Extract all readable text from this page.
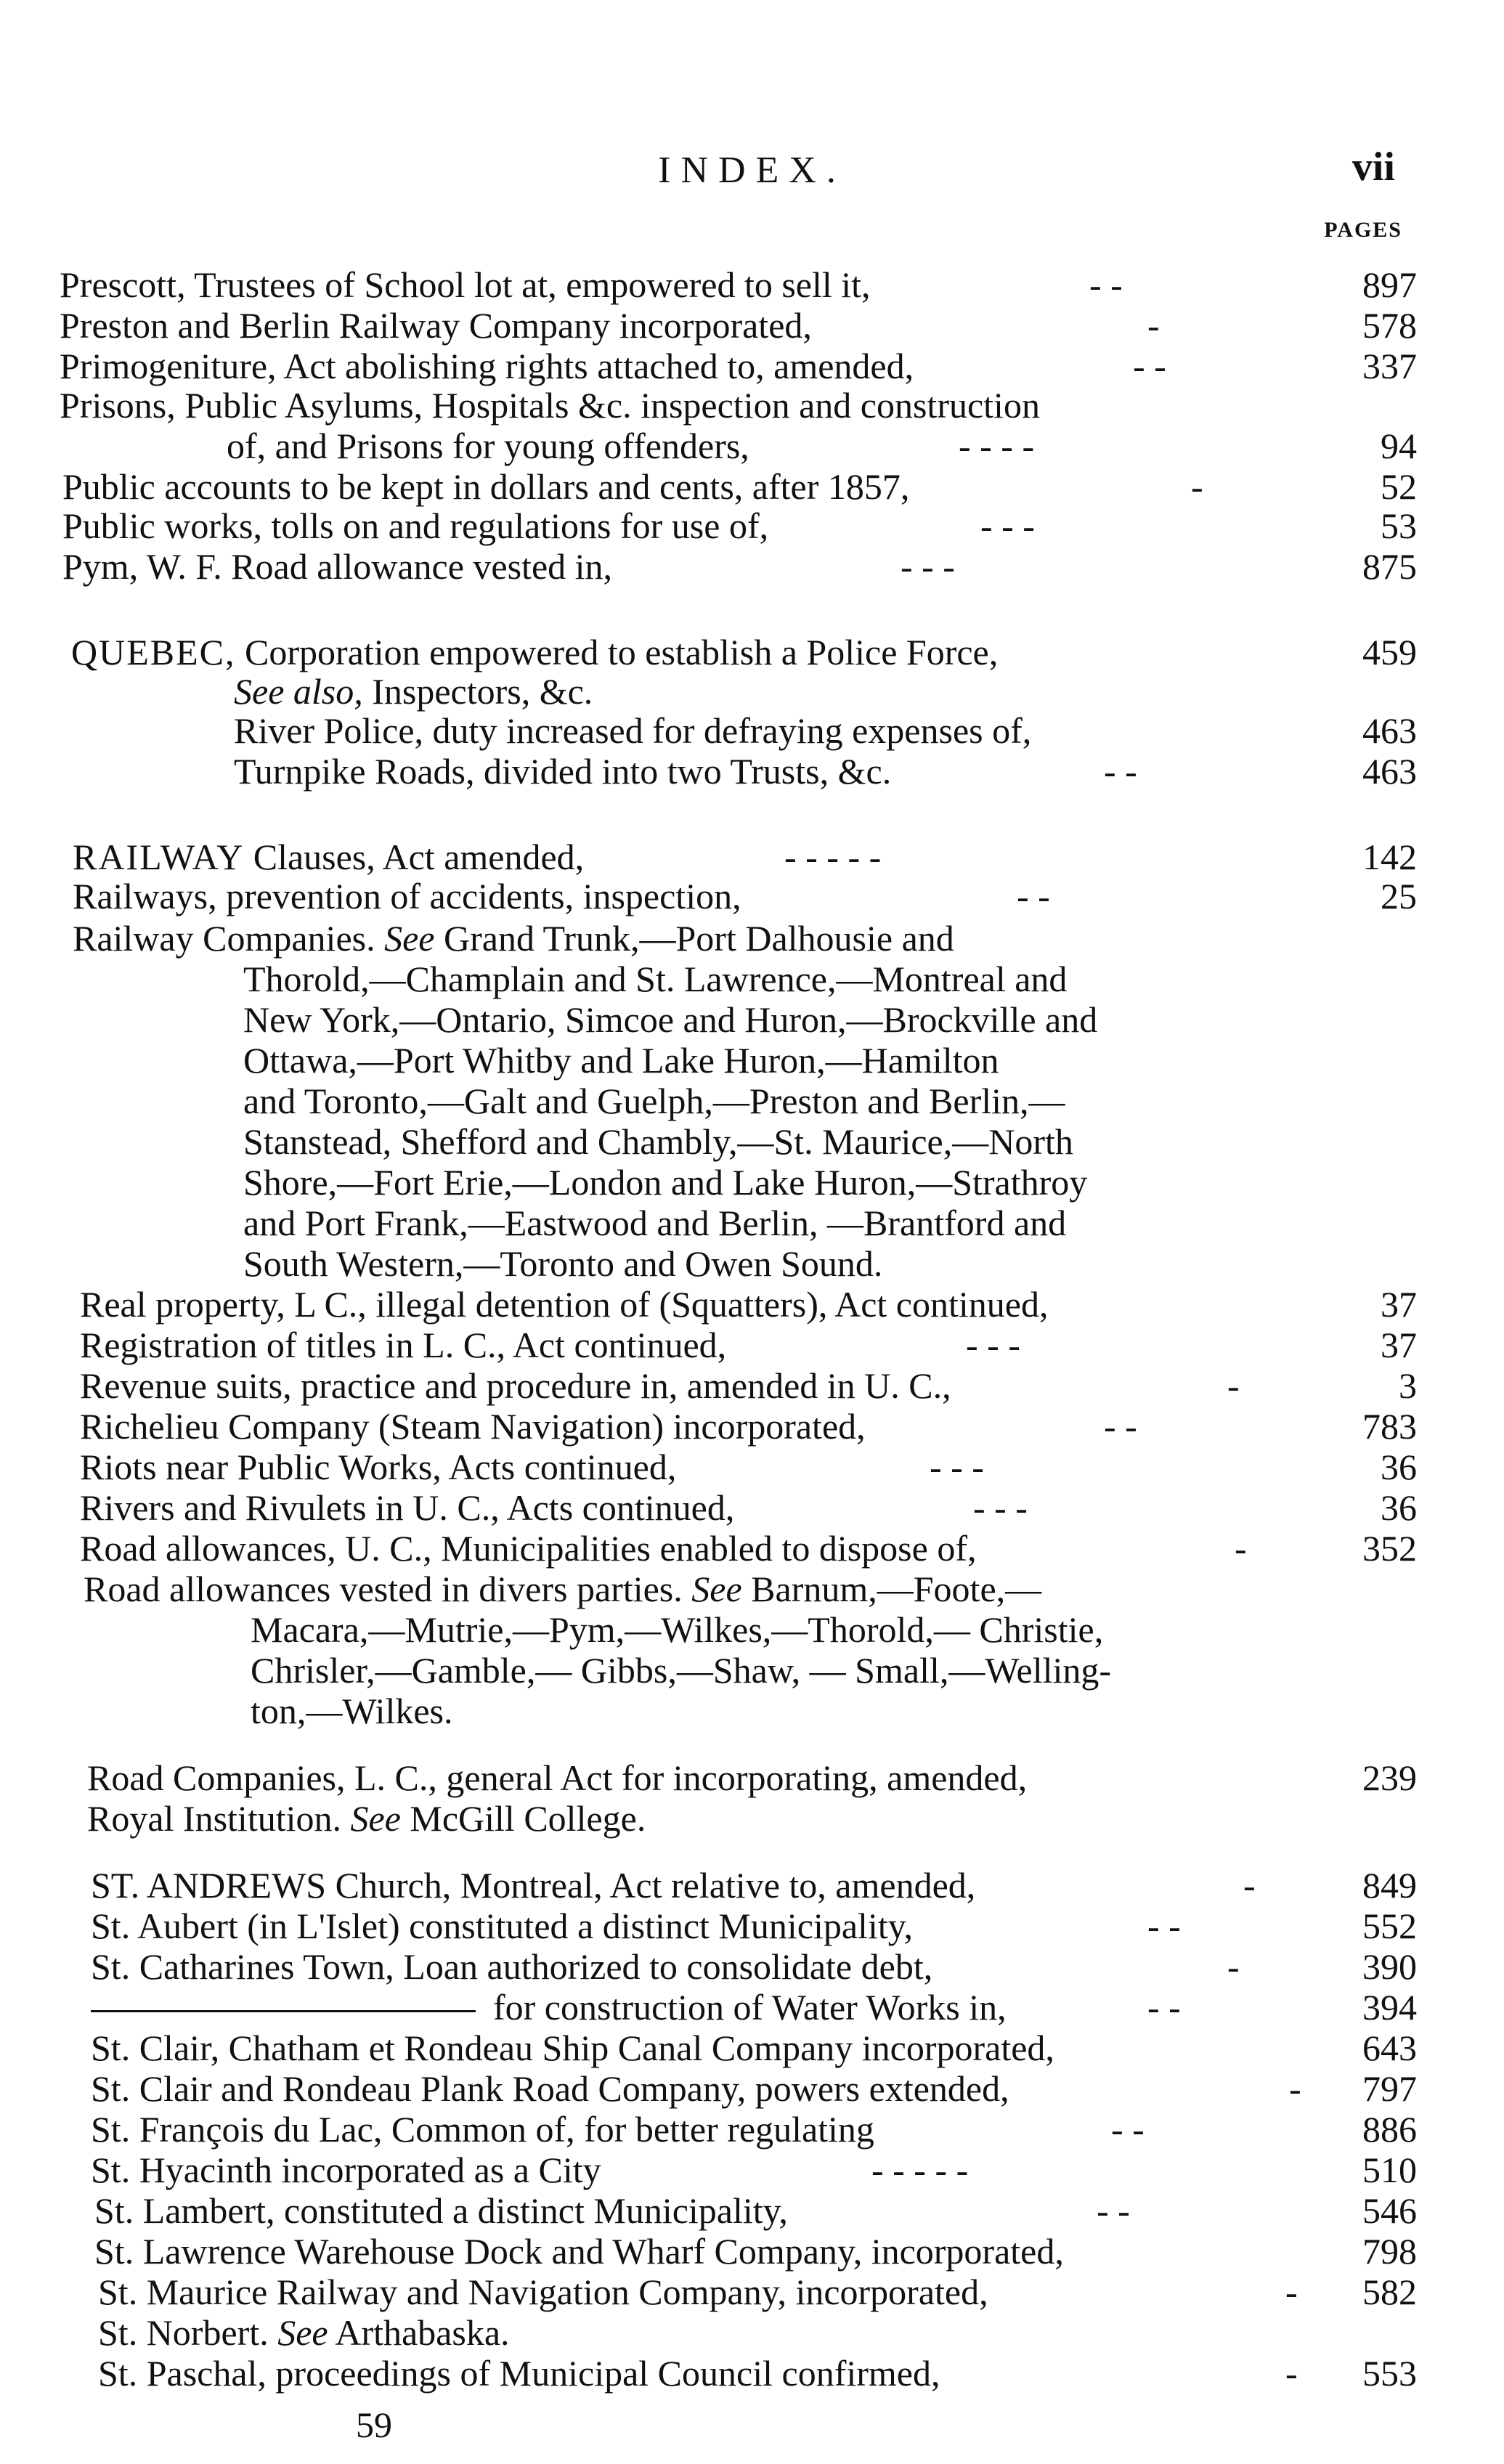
INDEX.	vii
PAGES
Prescott, Trustees of School lot at, empowered to sell it,	- -	897
Preston and Berlin Railway Company incorporated,	-	578
Primogeniture, Act abolishing rights attached to, amended,	- -	337
Prisons, Public Asylums, Hospitals &c. inspection and construction
of, and Prisons for young offenders,	- - - -	94
Public accounts to be kept in dollars and cents, after 1857,	-	52
Public works, tolls on and regulations for use of,	- - -	53
Pym, W. F. Road allowance vested in,	- - -	875
QUEBEC, Corporation empowered to establish a Police Force,	459
See also, Inspectors, &c.
River Police, duty increased for defraying expenses of,	463
Turnpike Roads, divided into two Trusts, &c.	- -	463
RAILWAY Clauses, Act amended,	- - - - -	142
Railways, prevention of accidents, inspection,	- -	25
Railway Companies. See Grand Trunk,—Port Dalhousie and
Thorold,—Champlain and St. Lawrence,—Montreal and
New York,—Ontario, Simcoe and Huron,—Brockville and
Ottawa,—Port Whitby and Lake Huron,—Hamilton
and Toronto,—Galt and Guelph,—Preston and Berlin,—
Stanstead, Shefford and Chambly,—St. Maurice,—North
Shore,—Fort Erie,—London and Lake Huron,—Strathroy
and Port Frank,—Eastwood and Berlin, —Brantford and
South Western,—Toronto and Owen Sound.
Real property, L C., illegal detention of (Squatters), Act continued,	37
Registration of titles in L. C., Act continued,	- - -	37
Revenue suits, practice and procedure in, amended in U. C.,	-	3
Richelieu Company (Steam Navigation) incorporated,	- -	783
Riots near Public Works, Acts continued,	- - -	36
Rivers and Rivulets in U. C., Acts continued,	- - -	36
Road allowances, U. C., Municipalities enabled to dispose of,	-	352
Road allowances vested in divers parties. See Barnum,—Foote,—
Macara,—Mutrie,—Pym,—Wilkes,—Thorold,— Christie,
Chrisler,—Gamble,— Gibbs,—Shaw, — Small,—Welling-
ton,—Wilkes.
Road Companies, L. C., general Act for incorporating, amended,	239
Royal Institution. See McGill College.
ST. ANDREWS Church, Montreal, Act relative to, amended,	-	849
St. Aubert (in L'Islet) constituted a distinct Municipality,	- -	552
St. Catharines Town, Loan authorized to consolidate debt,	-	390
for construction of Water Works in,	- -	394
St. Clair, Chatham et Rondeau Ship Canal Company incorporated,	643
St. Clair and Rondeau Plank Road Company, powers extended,	-	797
St. François du Lac, Common of, for better regulating	- -	886
St. Hyacinth incorporated as a City	- - - - -	510
St. Lambert, constituted a distinct Municipality,	- -	546
St. Lawrence Warehouse Dock and Wharf Company, incorporated,	798
St. Maurice Railway and Navigation Company, incorporated,	-	582
St. Norbert. See Arthabaska.
St. Paschal, proceedings of Municipal Council confirmed,	-	553
59
